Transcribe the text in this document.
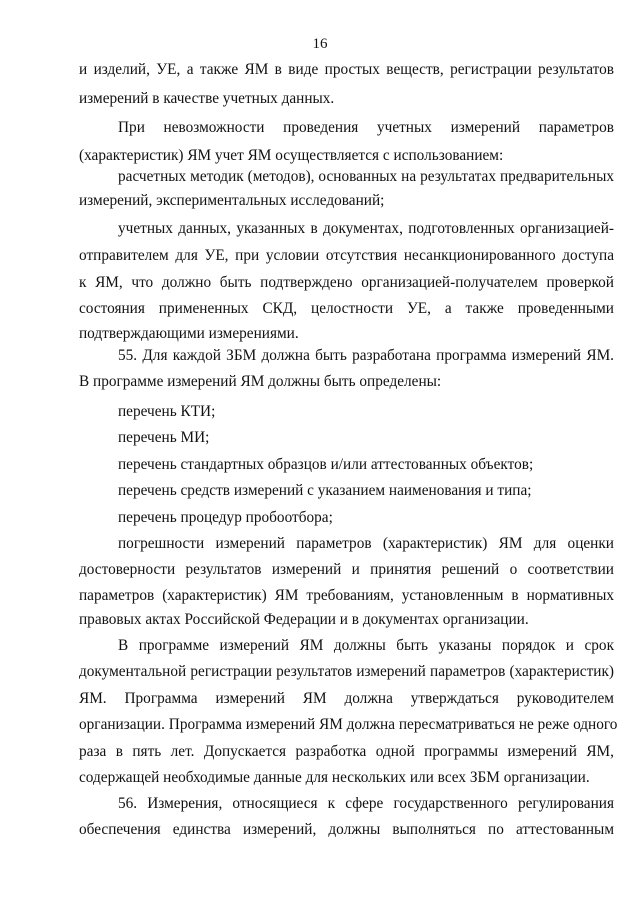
16
и изделий, УЕ, а также ЯМ в виде простых веществ, регистрации результатов
измерений в качестве учетных данных.
При невозможности проведения учетных измерений параметров
(характеристик) ЯМ учет ЯМ осуществляется с использованием:
расчетных методик (методов), основанных на результатах предварительных
измерений, экспериментальных исследований;
учетных данных, указанных в документах, подготовленных организацией-
отправителем для УЕ, при условии отсутствия несанкционированного доступа
к ЯМ, что должно быть подтверждено организацией-получателем проверкой
состояния примененных СКД, целостности УЕ, а также проведенными
подтверждающими измерениями.
55. Для каждой ЗБМ должна быть разработана программа измерений ЯМ.
В программе измерений ЯМ должны быть определены:
перечень КТИ;
перечень МИ;
перечень стандартных образцов и/или аттестованных объектов;
перечень средств измерений с указанием наименования и типа;
перечень процедур пробоотбора;
погрешности измерений параметров (характеристик) ЯМ для оценки
достоверности результатов измерений и принятия решений о соответствии
параметров (характеристик) ЯМ требованиям, установленным в нормативных
правовых актах Российской Федерации и в документах организации.
В программе измерений ЯМ должны быть указаны порядок и срок
документальной регистрации результатов измерений параметров (характеристик)
ЯМ. Программа измерений ЯМ должна утверждаться руководителем
организации. Программа измерений ЯМ должна пересматриваться не реже одного
раза в пять лет. Допускается разработка одной программы измерений ЯМ,
содержащей необходимые данные для нескольких или всех ЗБМ организации.
56. Измерения, относящиеся к сфере государственного регулирования
обеспечения единства измерений, должны выполняться по аттестованным
